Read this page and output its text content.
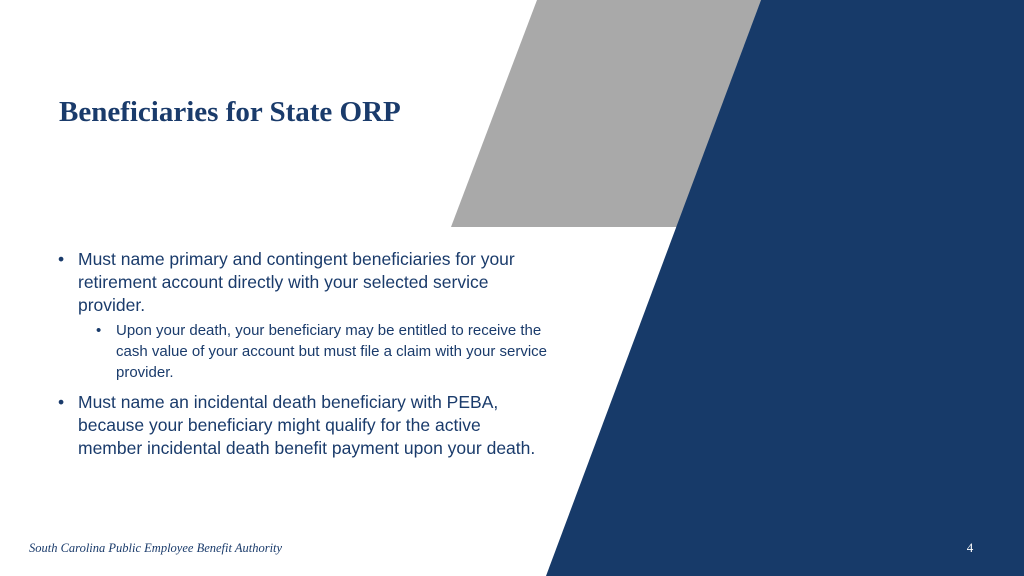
Beneficiaries for State ORP
• Must name primary and contingent beneficiaries for your retirement account directly with your selected service provider.
• Upon your death, your beneficiary may be entitled to receive the cash value of your account but must file a claim with your service provider.
• Must name an incidental death beneficiary with PEBA, because your beneficiary might qualify for the active member incidental death benefit payment upon your death.
South Carolina Public Employee Benefit Authority	4
